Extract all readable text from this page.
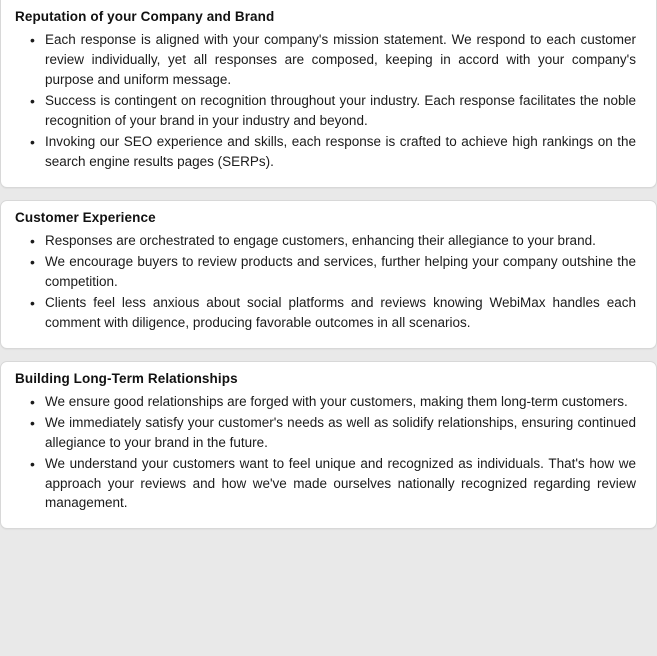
Reputation of your Company and Brand
• Each response is aligned with your company's mission statement. We respond to each customer review individually, yet all responses are composed, keeping in accord with your company's purpose and uniform message.
• Success is contingent on recognition throughout your industry. Each response facilitates the noble recognition of your brand in your industry and beyond.
• Invoking our SEO experience and skills, each response is crafted to achieve high rankings on the search engine results pages (SERPs).
Customer Experience
• Responses are orchestrated to engage customers, enhancing their allegiance to your brand.
• We encourage buyers to review products and services, further helping your company outshine the competition.
• Clients feel less anxious about social platforms and reviews knowing WebiMax handles each comment with diligence, producing favorable outcomes in all scenarios.
Building Long-Term Relationships
• We ensure good relationships are forged with your customers, making them long-term customers.
• We immediately satisfy your customer's needs as well as solidify relationships, ensuring continued allegiance to your brand in the future.
• We understand your customers want to feel unique and recognized as individuals. That's how we approach your reviews and how we've made ourselves nationally recognized regarding review management.
